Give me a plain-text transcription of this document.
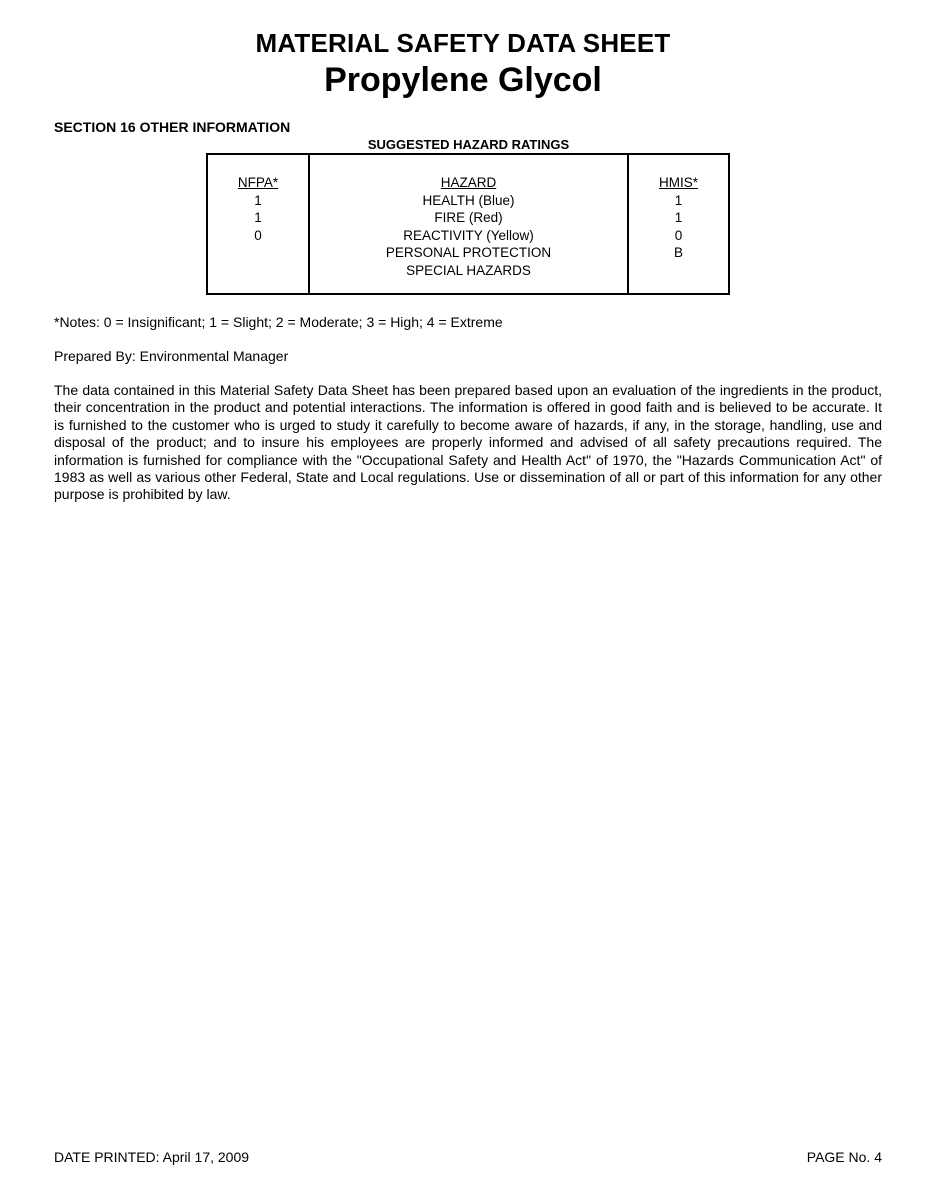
MATERIAL SAFETY DATA SHEET
Propylene Glycol
SECTION 16 OTHER INFORMATION
SUGGESTED HAZARD RATINGS
NFPA*
1
1
0
HAZARD
HEALTH (Blue)
FIRE (Red)
REACTIVITY (Yellow)
PERSONAL PROTECTION
SPECIAL HAZARDS
HMIS*
1
1
0
B
*Notes: 0 = Insignificant; 1 = Slight; 2 = Moderate; 3 = High; 4 = Extreme
Prepared By: Environmental Manager
The data contained in this Material Safety Data Sheet has been prepared based upon an evaluation of the ingredients in the product, their concentration in the product and potential interactions. The information is offered in good faith and is believed to be accurate. It is furnished to the customer who is urged to study it carefully to become aware of hazards, if any, in the storage, handling, use and disposal of the product; and to insure his employees are properly informed and advised of all safety precautions required. The information is furnished for compliance with the "Occupational Safety and Health Act" of 1970, the "Hazards Communication Act" of 1983 as well as various other Federal, State and Local regulations. Use or dissemination of all or part of this information for any other purpose is prohibited by law.
DATE PRINTED: April 17, 2009	PAGE No. 4
